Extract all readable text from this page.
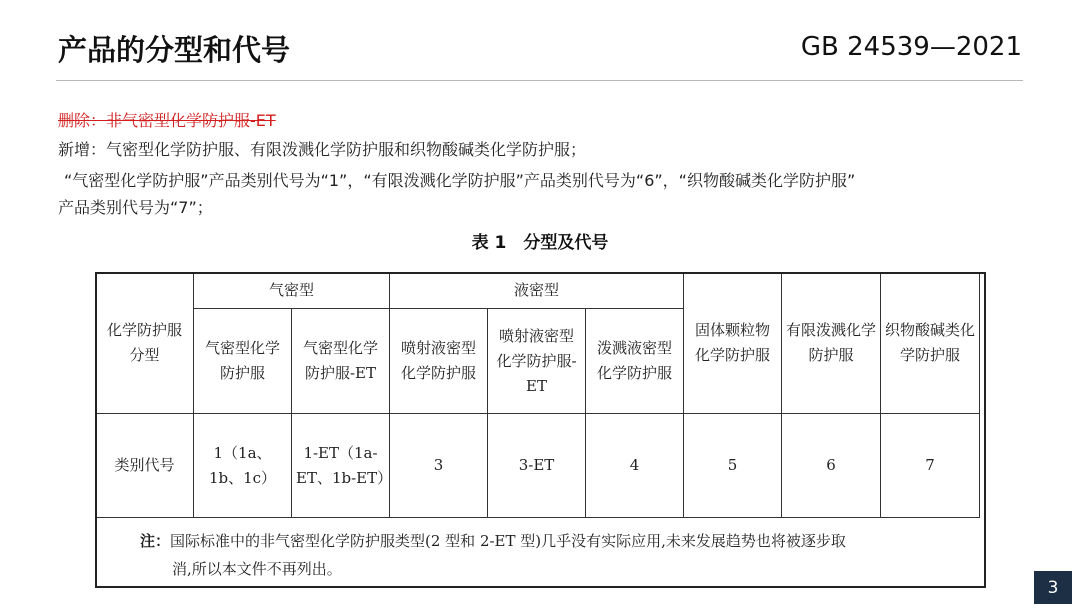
产品的分型和代号	GB 24539—2021
删除：非气密型化学防护服-ET
新增：气密型化学防护服、有限泼溅化学防护服和织物酸碱类化学防护服；
“气密型化学防护服”产品类别代号为“1”，“有限泼溅化学防护服”产品类别代号为“6”，“织物酸碱类化学防护服”
产品类别代号为“7”；
表 1　分型及代号
化学防护服分型	气密型		液密型			固体颗粒物化学防护服	有限泼溅化学防护服	织物酸碱类化学防护服
	气密型化学防护服	气密型化学防护服-ET	喷射液密型化学防护服	喷射液密型化学防护服-ET	泼溅液密型化学防护服			
类别代号	1（1a、1b、1c）	1-ET（1a-ET、1b-ET）	3	3-ET	4	5	6	7
注：国际标准中的非气密型化学防护服类型(2 型和 2-ET 型)几乎没有实际应用,未来发展趋势也将被逐步取
消,所以本文件不再列出。
3
